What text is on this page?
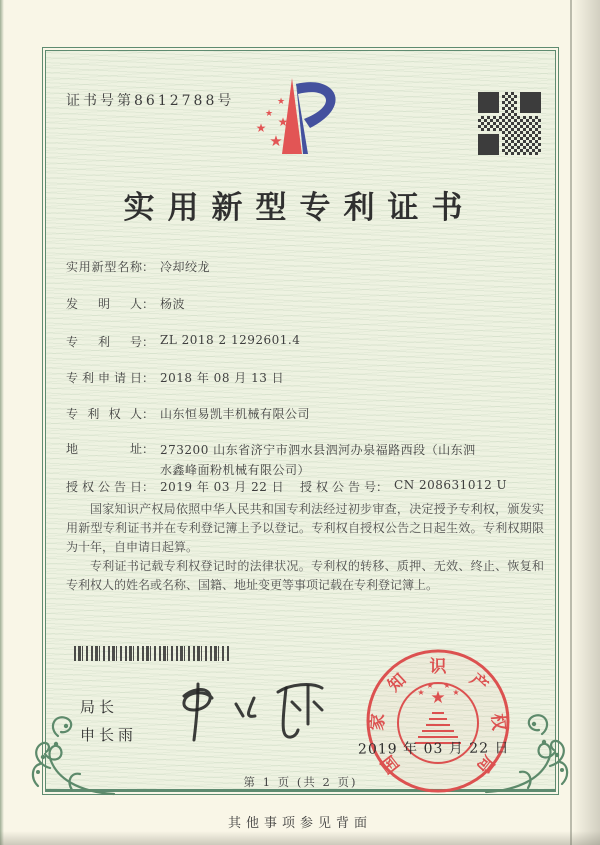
证书号第8612788号	★
★
★
★
★
实用新型专利证书
实用新型名称： 冷却绞龙
发明人： 杨波
专利号： ZL 2018 2 1292601.4
专利申请日： 2018 年 08 月 13 日
专利权人： 山东恒易凯丰机械有限公司
地址： 273200 山东省济宁市泗水县泗河办泉福路西段（山东泗
水鑫峰面粉机械有限公司）
授权公告日： 2019 年 03 月 22 日 授权公告号： CN 208631012 U

国家知识产权局依照中华人民共和国专利法经过初步审查，决定授予专利权，颁发实用新型专利证书并在专利登记簿上予以登记。专利权自授权公告之日起生效。专利权期限为十年，自申请日起算。

专利证书记载专利权登记时的法律状况。专利权的转移、质押、无效、终止、恢复和专利权人的姓名或名称、国籍、地址变更等事项记载在专利登记簿上。

局长
申长雨
★
★
★ ★
★
国
家
知
识
产
权
局
2019 年 03 月 22 日
第 1 页 (共 2 页)
其他事项参见背面
